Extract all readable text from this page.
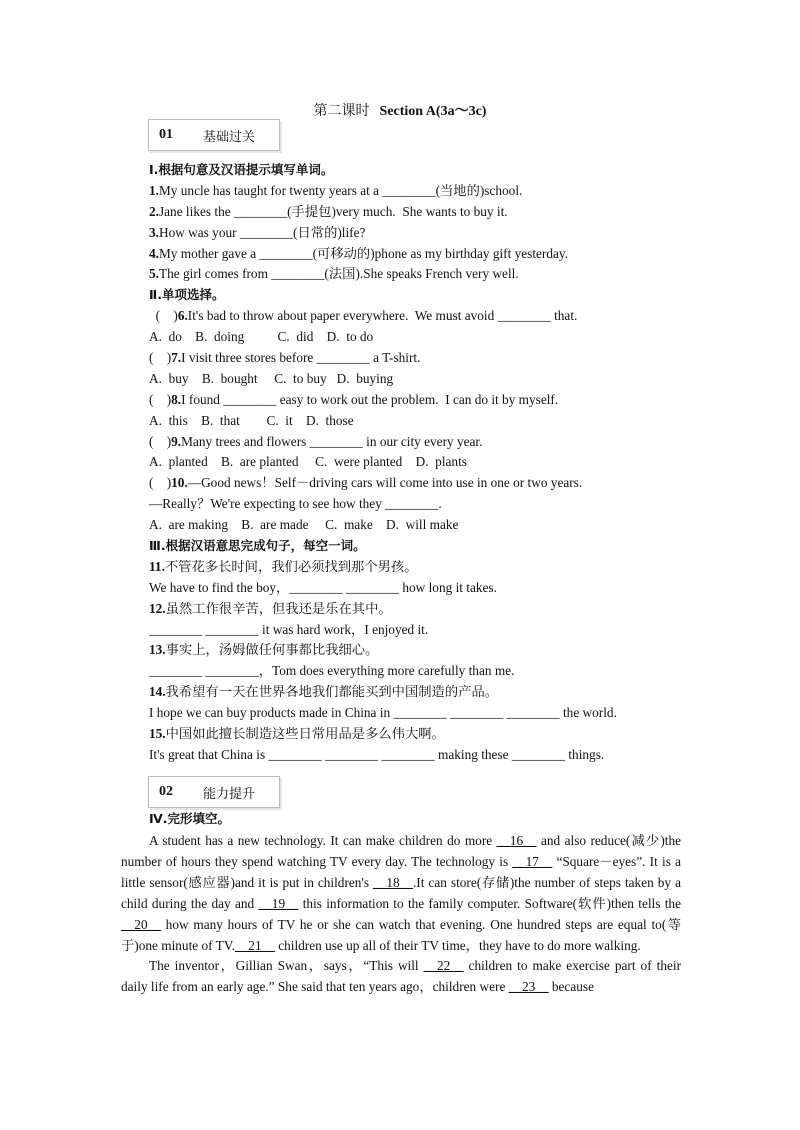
第二课时 Section A(3a～3c)
01	基础过关
Ⅰ.根据句意及汉语提示填写单词。
1.My uncle has taught for twenty years at a ________(当地的)school.
2.Jane likes the ________(手提包)very much.  She wants to buy it.
3.How was your ________(日常的)life?
4.My mother gave a ________(可移动的)phone as my birthday gift yesterday.
5.The girl comes from ________(法国).She speaks French very well.
Ⅱ.单项选择。
(    )6.It's bad to throw about paper everywhere.  We must avoid ________ that.
A.  do    B.  doing          C.  did    D.  to do
(    )7.I visit three stores before ________ a T-shirt.
A.  buy    B.  bought     C.  to buy   D.  buying
(    )8.I found ________ easy to work out the problem.  I can do it by myself.
A.  this    B.  that        C.  it    D.  those
(    )9.Many trees and flowers ________ in our city every year.
A.  planted    B.  are planted     C.  were planted    D.  plants
(    )10.—Good news！Self－driving cars will come into use in one or two years.
—Really？We're expecting to see how they ________.
A.  are making    B.  are made     C.  make    D.  will make
Ⅲ.根据汉语意思完成句子，每空一词。
11.不管花多长时间，我们必须找到那个男孩。
We have to find the boy，________ ________ how long it takes.
12.虽然工作很辛苦，但我还是乐在其中。
________ ________ it was hard work，I enjoyed it.
13.事实上，汤姆做任何事都比我细心。
________ ________，Tom does everything more carefully than me.
14.我希望有一天在世界各地我们都能买到中国制造的产品。
I hope we can buy products made in China in ________ ________ ________ the world.
15.中国如此擅长制造这些日常用品是多么伟大啊。
It's great that China is ________ ________ ________ making these ________ things.
02	能力提升
Ⅳ.完形填空。

A student has a new technology. It can make children do more __16__ and also reduce(减少)the number of hours they spend watching TV every day. The technology is __17__ “Square－eyes”. It is a little sensor(感应器)and it is put in children's __18__.It can store(存储)the number of steps taken by a child during the day and __19__ this information to the family computer. Software(软件)then tells the __20__ how many hours of TV he or she can watch that evening. One hundred steps are equal to(等于)one minute of TV.__21__ children use up all of their TV time，they have to do more walking.

The inventor，Gillian Swan，says，“This will __22__ children to make exercise part of their daily life from an early age.” She said that ten years ago，children were __23__ because
